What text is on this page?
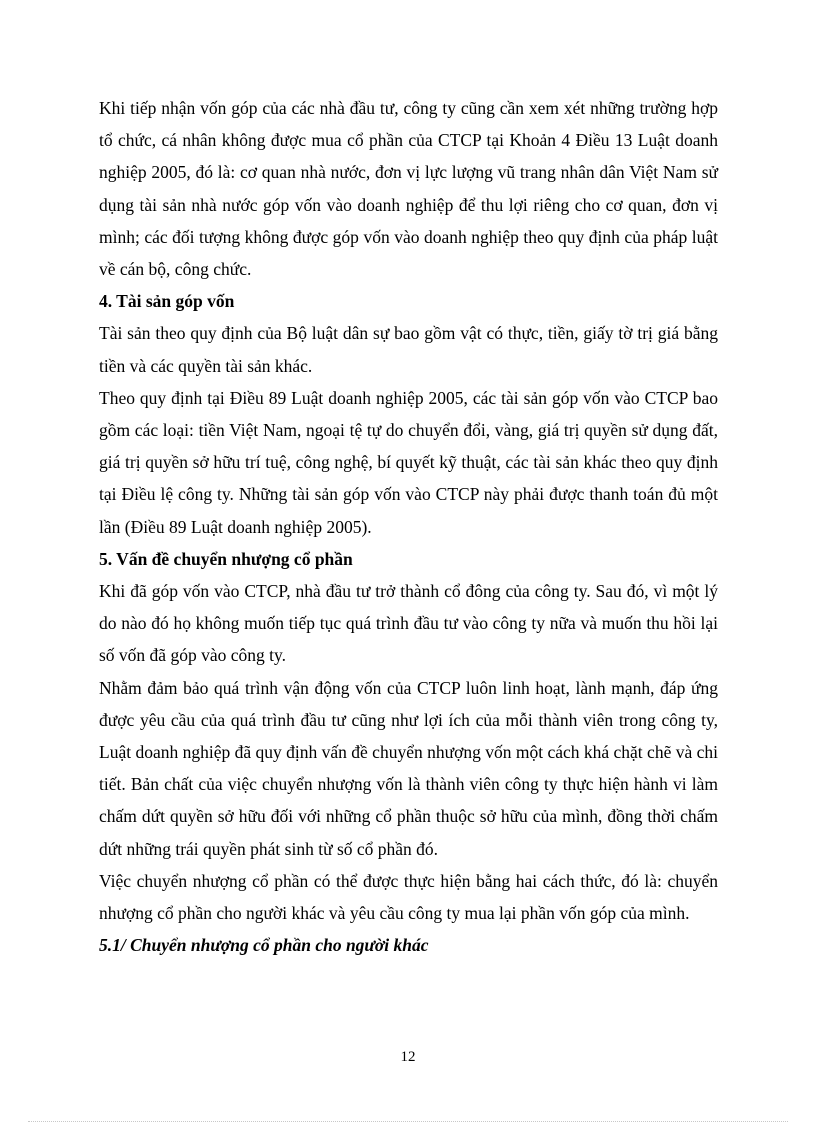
Khi tiếp nhận vốn góp của các nhà đầu tư, công ty cũng cần xem xét những trường hợp tổ chức, cá nhân không được mua cổ phần của CTCP tại Khoản 4 Điều 13 Luật doanh nghiệp 2005, đó là: cơ quan nhà nước, đơn vị lực lượng vũ trang nhân dân Việt Nam sử dụng tài sản nhà nước góp vốn vào doanh nghiệp để thu lợi riêng cho cơ quan, đơn vị mình; các đối tượng không được góp vốn vào doanh nghiệp theo quy định của pháp luật về cán bộ, công chức.

4. Tài sản góp vốn

Tài sản theo quy định của Bộ luật dân sự bao gồm vật có thực, tiền, giấy tờ trị giá bằng tiền và các quyền tài sản khác.

Theo quy định tại Điều 89 Luật doanh nghiệp 2005, các tài sản góp vốn vào CTCP bao gồm các loại: tiền Việt Nam, ngoại tệ tự do chuyển đổi, vàng, giá trị quyền sử dụng đất, giá trị quyền sở hữu trí tuệ, công nghệ, bí quyết kỹ thuật, các tài sản khác theo quy định tại Điều lệ công ty. Những tài sản góp vốn vào CTCP này phải được thanh toán đủ một lần (Điều 89 Luật doanh nghiệp 2005).

5. Vấn đề chuyển nhượng cổ phần

Khi đã góp vốn vào CTCP, nhà đầu tư trở thành cổ đông của công ty. Sau đó, vì một lý do nào đó họ không muốn tiếp tục quá trình đầu tư vào công ty nữa và muốn thu hồi lại số vốn đã góp vào công ty.

Nhằm đảm bảo quá trình vận động vốn của CTCP luôn linh hoạt, lành mạnh, đáp ứng được yêu cầu của quá trình đầu tư cũng như lợi ích của mỗi thành viên trong công ty, Luật doanh nghiệp đã quy định vấn đề chuyển nhượng vốn một cách khá chặt chẽ và chi tiết. Bản chất của việc chuyển nhượng vốn là thành viên công ty thực hiện hành vi làm chấm dứt quyền sở hữu đối với những cổ phần thuộc sở hữu của mình, đồng thời chấm dứt những trái quyền phát sinh từ số cổ phần đó.

Việc chuyển nhượng cổ phần có thể được thực hiện bằng hai cách thức, đó là: chuyển nhượng cổ phần cho người khác và yêu cầu công ty mua lại phần vốn góp của mình.

5.1/ Chuyển nhượng cổ phần cho người khác

12
